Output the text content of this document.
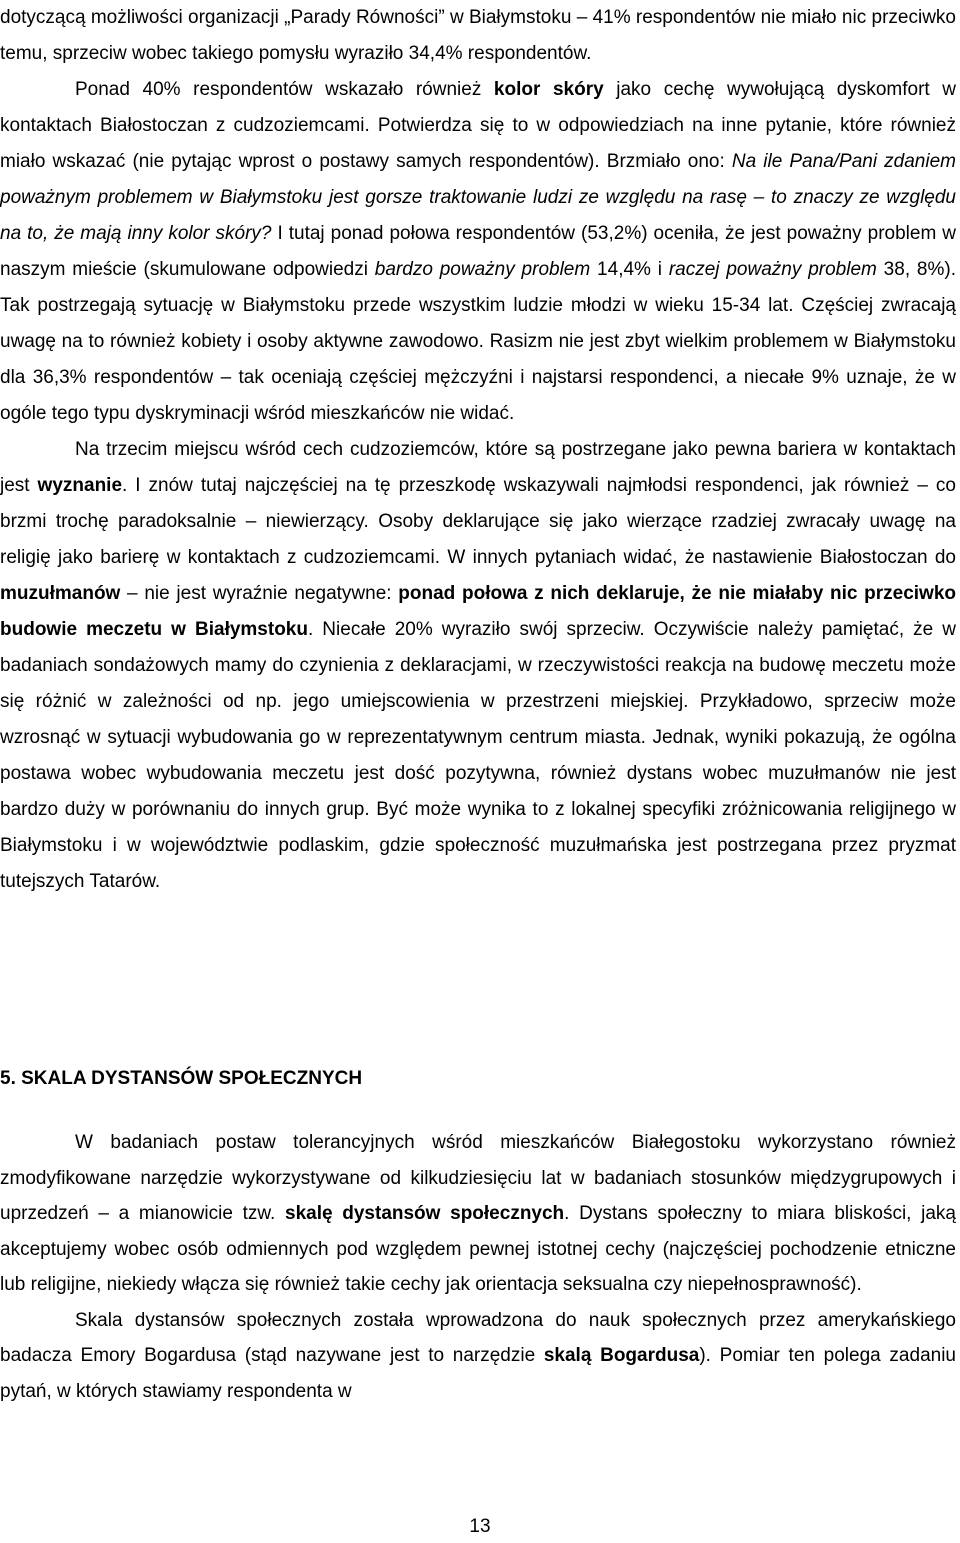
dotyczącą możliwości organizacji „Parady Równości” w Białymstoku – 41% respondentów nie miało nic przeciwko temu, sprzeciw wobec takiego pomysłu wyraziło 34,4% respondentów.

Ponad 40% respondentów wskazało również kolor skóry jako cechę wywołującą dyskomfort w kontaktach Białostoczan z cudzoziemcami. Potwierdza się to w odpowiedziach na inne pytanie, które również miało wskazać (nie pytając wprost o postawy samych respondentów). Brzmiało ono: Na ile Pana/Pani zdaniem poważnym problemem w Białymstoku jest gorsze traktowanie ludzi ze względu na rasę – to znaczy ze względu na to, że mają inny kolor skóry? I tutaj ponad połowa respondentów (53,2%) oceniła, że jest poważny problem w naszym mieście (skumulowane odpowiedzi bardzo poważny problem 14,4% i raczej poważny problem 38, 8%). Tak postrzegają sytuację w Białymstoku przede wszystkim ludzie młodzi w wieku 15-34 lat. Częściej zwracają uwagę na to również kobiety i osoby aktywne zawodowo. Rasizm nie jest zbyt wielkim problemem w Białymstoku dla 36,3% respondentów – tak oceniają częściej mężczyźni i najstarsi respondenci, a niecałe 9% uznaje, że w ogóle tego typu dyskryminacji wśród mieszkańców nie widać.

Na trzecim miejscu wśród cech cudzoziemców, które są postrzegane jako pewna bariera w kontaktach jest wyznanie. I znów tutaj najczęściej na tę przeszkodę wskazywali najmłodsi respondenci, jak również – co brzmi trochę paradoksalnie – niewierzący. Osoby deklarujące się jako wierzące rzadziej zwracały uwagę na religię jako barierę w kontaktach z cudzoziemcami. W innych pytaniach widać, że nastawienie Białostoczan do muzułmanów – nie jest wyraźnie negatywne: ponad połowa z nich deklaruje, że nie miałaby nic przeciwko budowie meczetu w Białymstoku. Niecałe 20% wyraziło swój sprzeciw. Oczywiście należy pamiętać, że w badaniach sondażowych mamy do czynienia z deklaracjami, w rzeczywistości reakcja na budowę meczetu może się różnić w zależności od np. jego umiejscowienia w przestrzeni miejskiej. Przykładowo, sprzeciw może wzrosnąć w sytuacji wybudowania go w reprezentatywnym centrum miasta. Jednak, wyniki pokazują, że ogólna postawa wobec wybudowania meczetu jest dość pozytywna, również dystans wobec muzułmanów nie jest bardzo duży w porównaniu do innych grup. Być może wynika to z lokalnej specyfiki zróżnicowania religijnego w Białymstoku i w województwie podlaskim, gdzie społeczność muzułmańska jest postrzegana przez pryzmat tutejszych Tatarów.

5. SKALA DYSTANSÓW SPOŁECZNYCH

W badaniach postaw tolerancyjnych wśród mieszkańców Białegostoku wykorzystano również zmodyfikowane narzędzie wykorzystywane od kilkudziesięciu lat w badaniach stosunków międzygrupowych i uprzedzeń – a mianowicie tzw. skalę dystansów społecznych. Dystans społeczny to miara bliskości, jaką akceptujemy wobec osób odmiennych pod względem pewnej istotnej cechy (najczęściej pochodzenie etniczne lub religijne, niekiedy włącza się również takie cechy jak orientacja seksualna czy niepełnosprawność).

Skala dystansów społecznych została wprowadzona do nauk społecznych przez amerykańskiego badacza Emory Bogardusa (stąd nazywane jest to narzędzie skalą Bogardusa). Pomiar ten polega zadaniu pytań, w których stawiamy respondenta w

13
